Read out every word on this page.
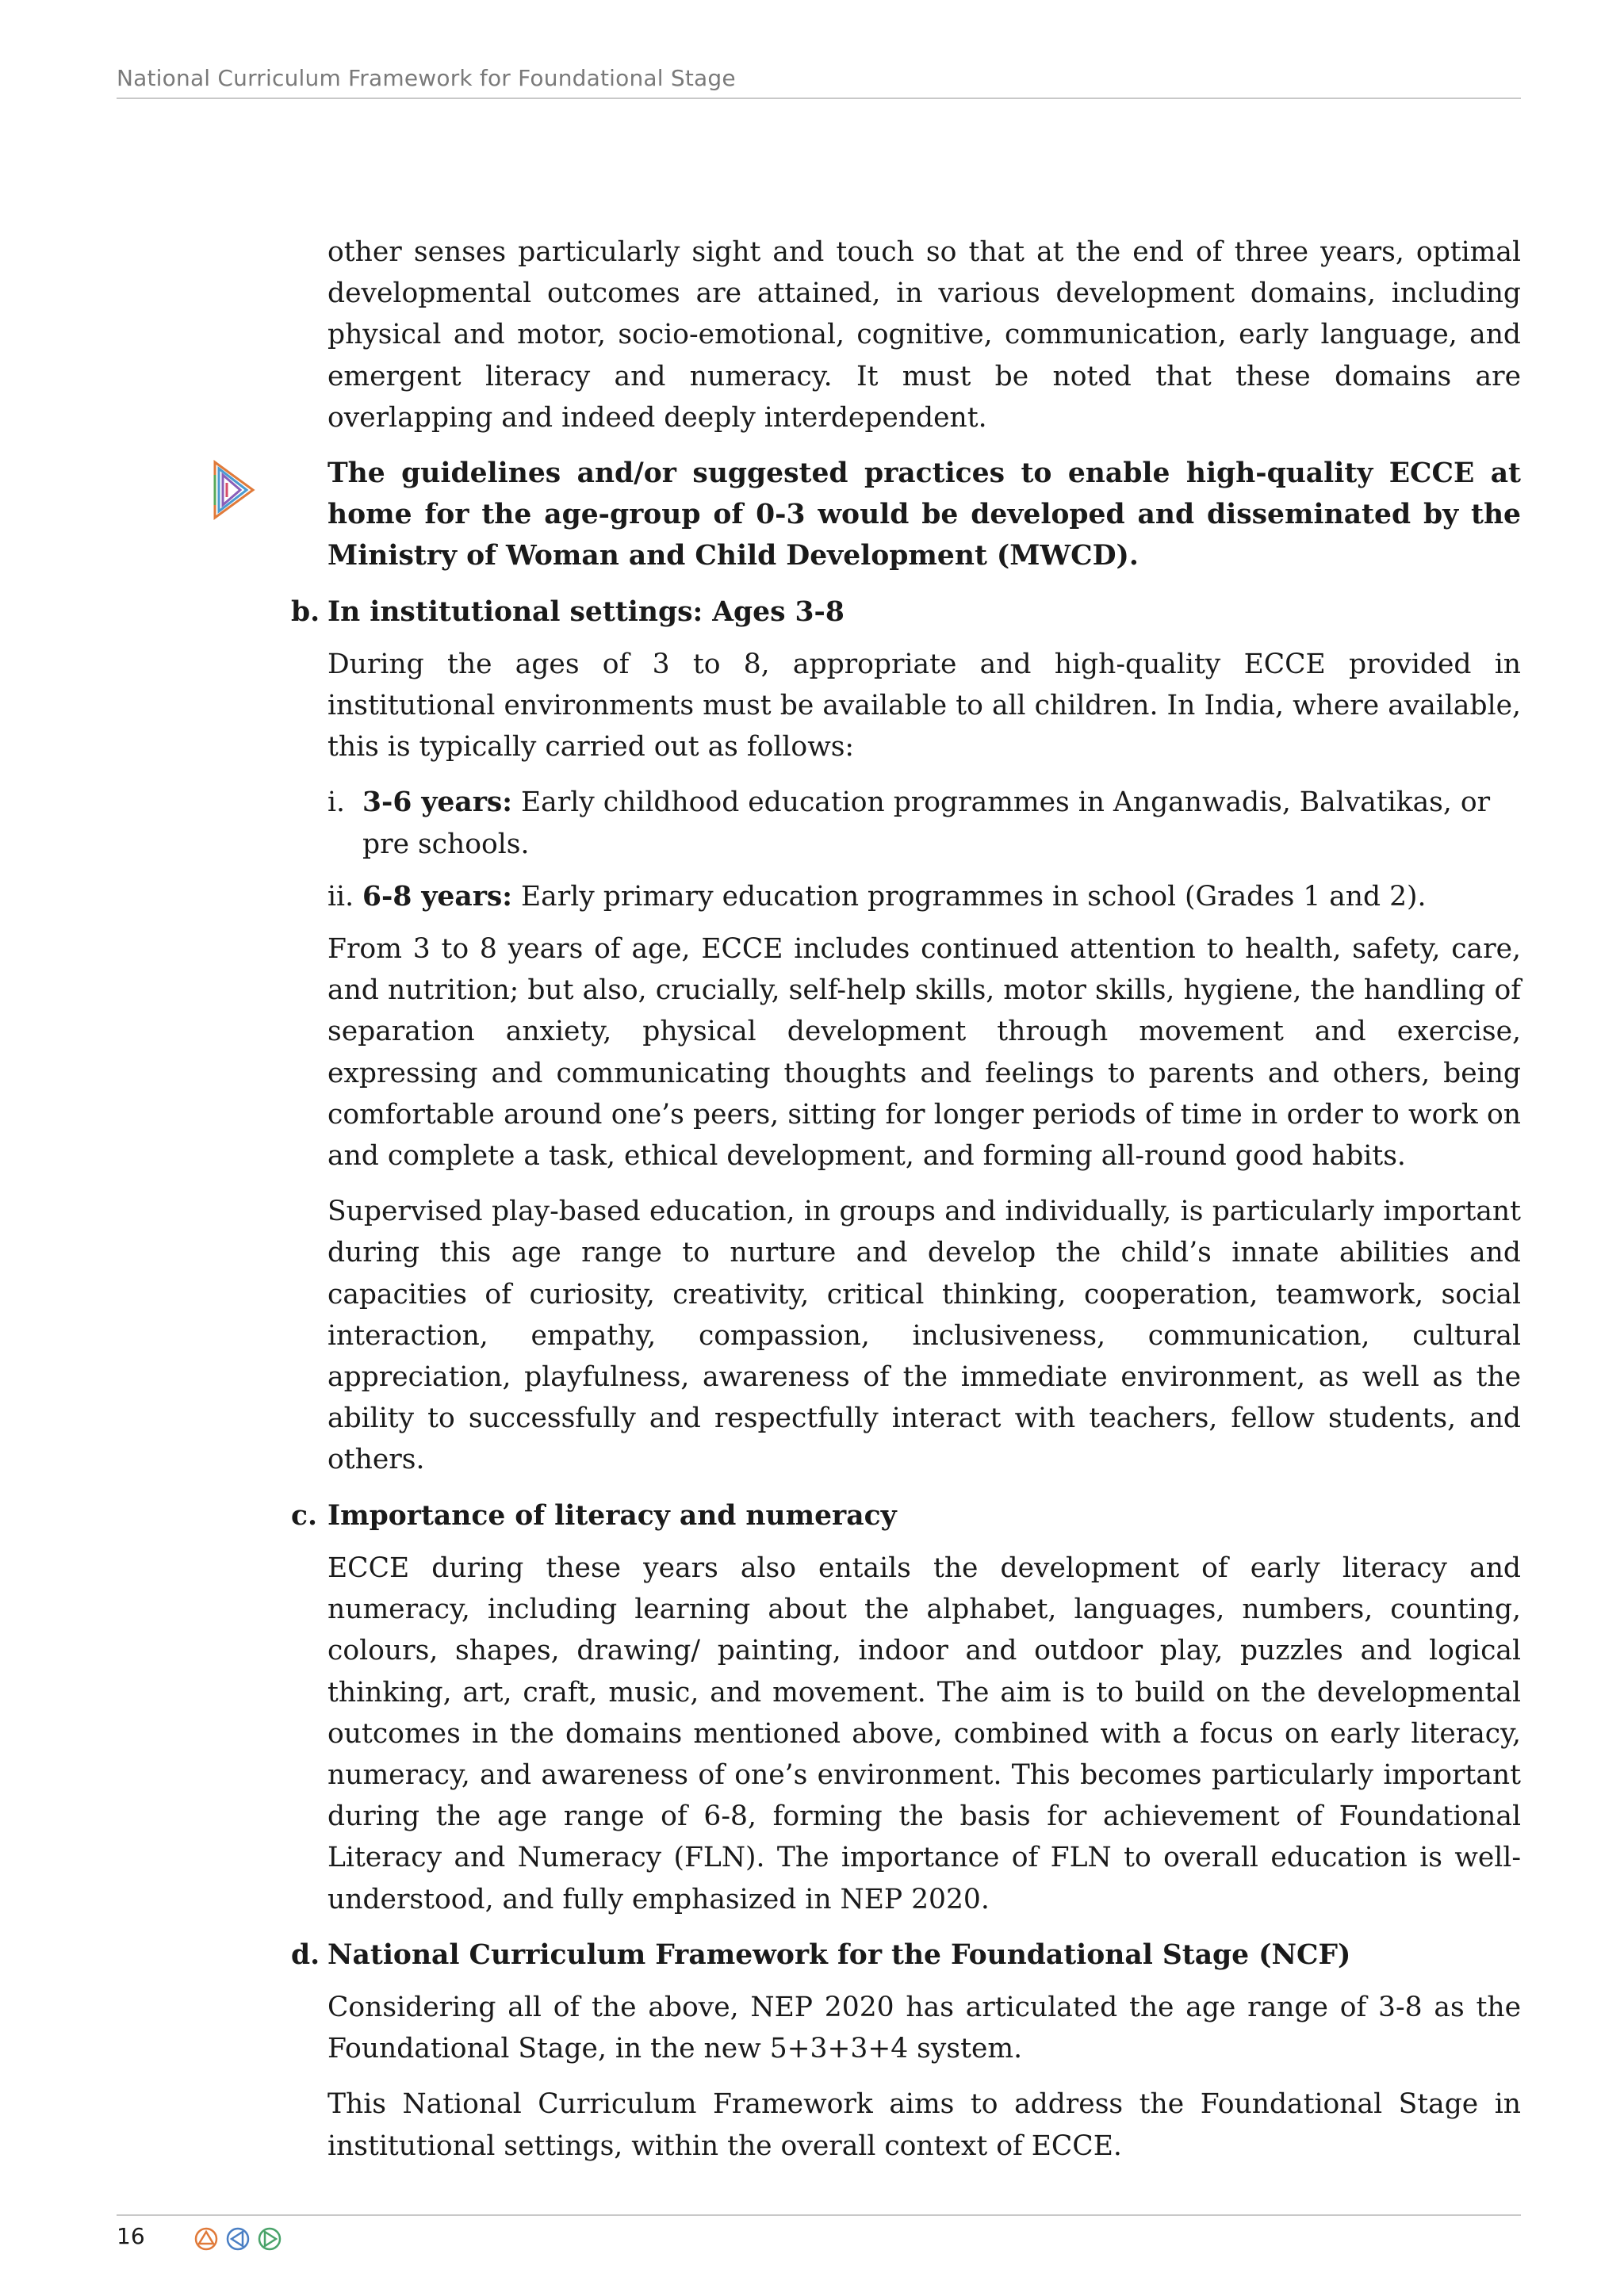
National Curriculum Framework for Foundational Stage

other senses particularly sight and touch so that at the end of three years, optimal developmental outcomes are attained, in various development domains, including physical and motor, socio-emotional, cognitive, communication, early language, and emergent literacy and numeracy. It must be noted that these domains are overlapping and indeed deeply interdependent.

The guidelines and/or suggested practices to enable high-quality ECCE at home for the age-group of 0-3 would be developed and disseminated by the Ministry of Woman and Child Development (MWCD).

b. In institutional settings: Ages 3-8

During the ages of 3 to 8, appropriate and high-quality ECCE provided in institutional environments must be available to all children. In India, where available, this is typically carried out as follows:

i. 3-6 years: Early childhood education programmes in Anganwadis, Balvatikas, or pre schools.
ii. 6-8 years: Early primary education programmes in school (Grades 1 and 2).

From 3 to 8 years of age, ECCE includes continued attention to health, safety, care, and nutrition; but also, crucially, self-help skills, motor skills, hygiene, the handling of separation anxiety, physical development through movement and exercise, expressing and communicating thoughts and feelings to parents and others, being comfortable around one’s peers, sitting for longer periods of time in order to work on and complete a task, ethical development, and forming all-round good habits.

Supervised play-based education, in groups and individually, is particularly important during this age range to nurture and develop the child’s innate abilities and capacities of curiosity, creativity, critical thinking, cooperation, teamwork, social interaction, empathy, compassion, inclusiveness, communication, cultural appreciation, playfulness, awareness of the immediate environment, as well as the ability to successfully and respectfully interact with teachers, fellow students, and others.

c. Importance of literacy and numeracy

ECCE during these years also entails the development of early literacy and numeracy, including learning about the alphabet, languages, numbers, counting, colours, shapes, drawing/ painting, indoor and outdoor play, puzzles and logical thinking, art, craft, music, and movement. The aim is to build on the developmental outcomes in the domains mentioned above, combined with a focus on early literacy, numeracy, and awareness of one’s environment. This becomes particularly important during the age range of 6-8, forming the basis for achievement of Foundational Literacy and Numeracy (FLN). The importance of FLN to overall education is well-understood, and fully emphasized in NEP 2020.

d. National Curriculum Framework for the Foundational Stage (NCF)

Considering all of the above, NEP 2020 has articulated the age range of 3-8 as the Foundational Stage, in the new 5+3+3+4 system.

This National Curriculum Framework aims to address the Foundational Stage in institutional settings, within the overall context of ECCE.

16
